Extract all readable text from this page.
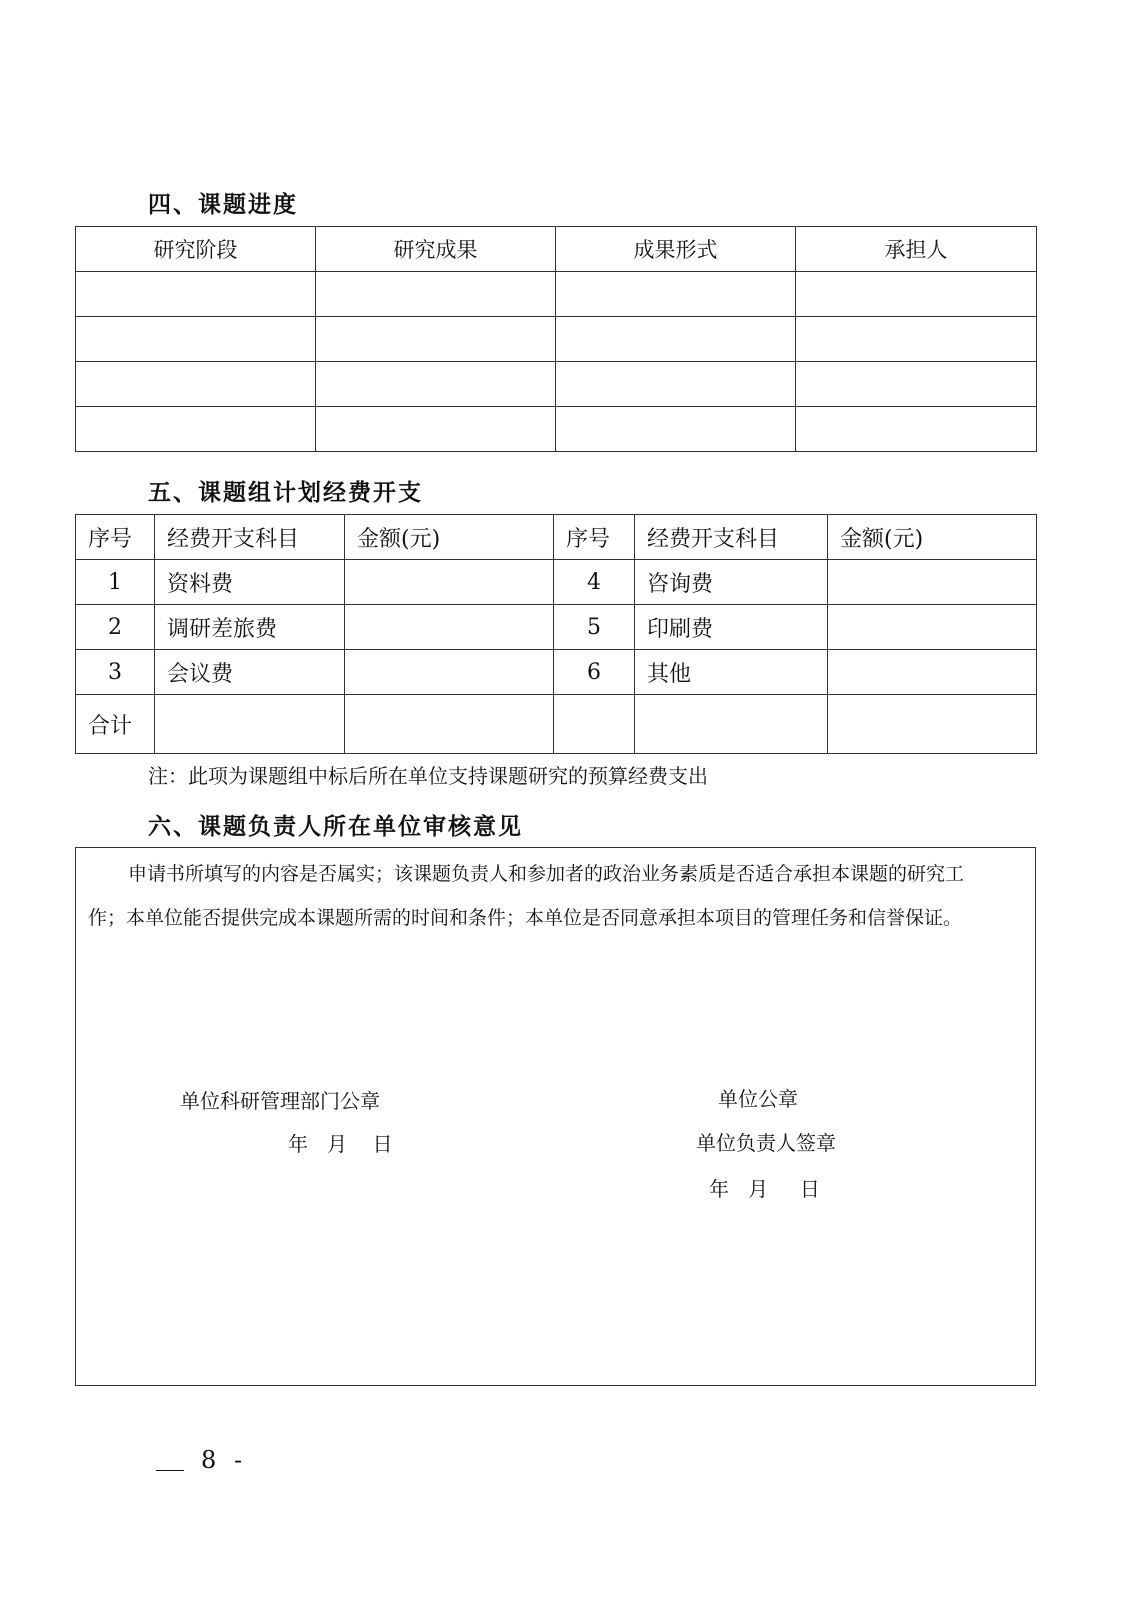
四、课题进度
研究阶段	研究成果	成果形式	承担人

五、课题组计划经费开支
序号	经费开支科目	金额(元)	序号	经费开支科目	金额(元)
1	资料费		4	咨询费	
2	调研差旅费		5	印刷费	
3	会议费		6	其他	
合计					
注：此项为课题组中标后所在单位支持课题研究的预算经费支出
六、课题负责人所在单位审核意见
申请书所填写的内容是否属实；该课题负责人和参加者的政治业务素质是否适合承担本课题的研究工
作；本单位能否提供完成本课题所需的时间和条件；本单位是否同意承担本项目的管理任务和信誉保证。
单位科研管理部门公章
年   月    日
单位公章
单位负责人签章
年   月     日
8 -
